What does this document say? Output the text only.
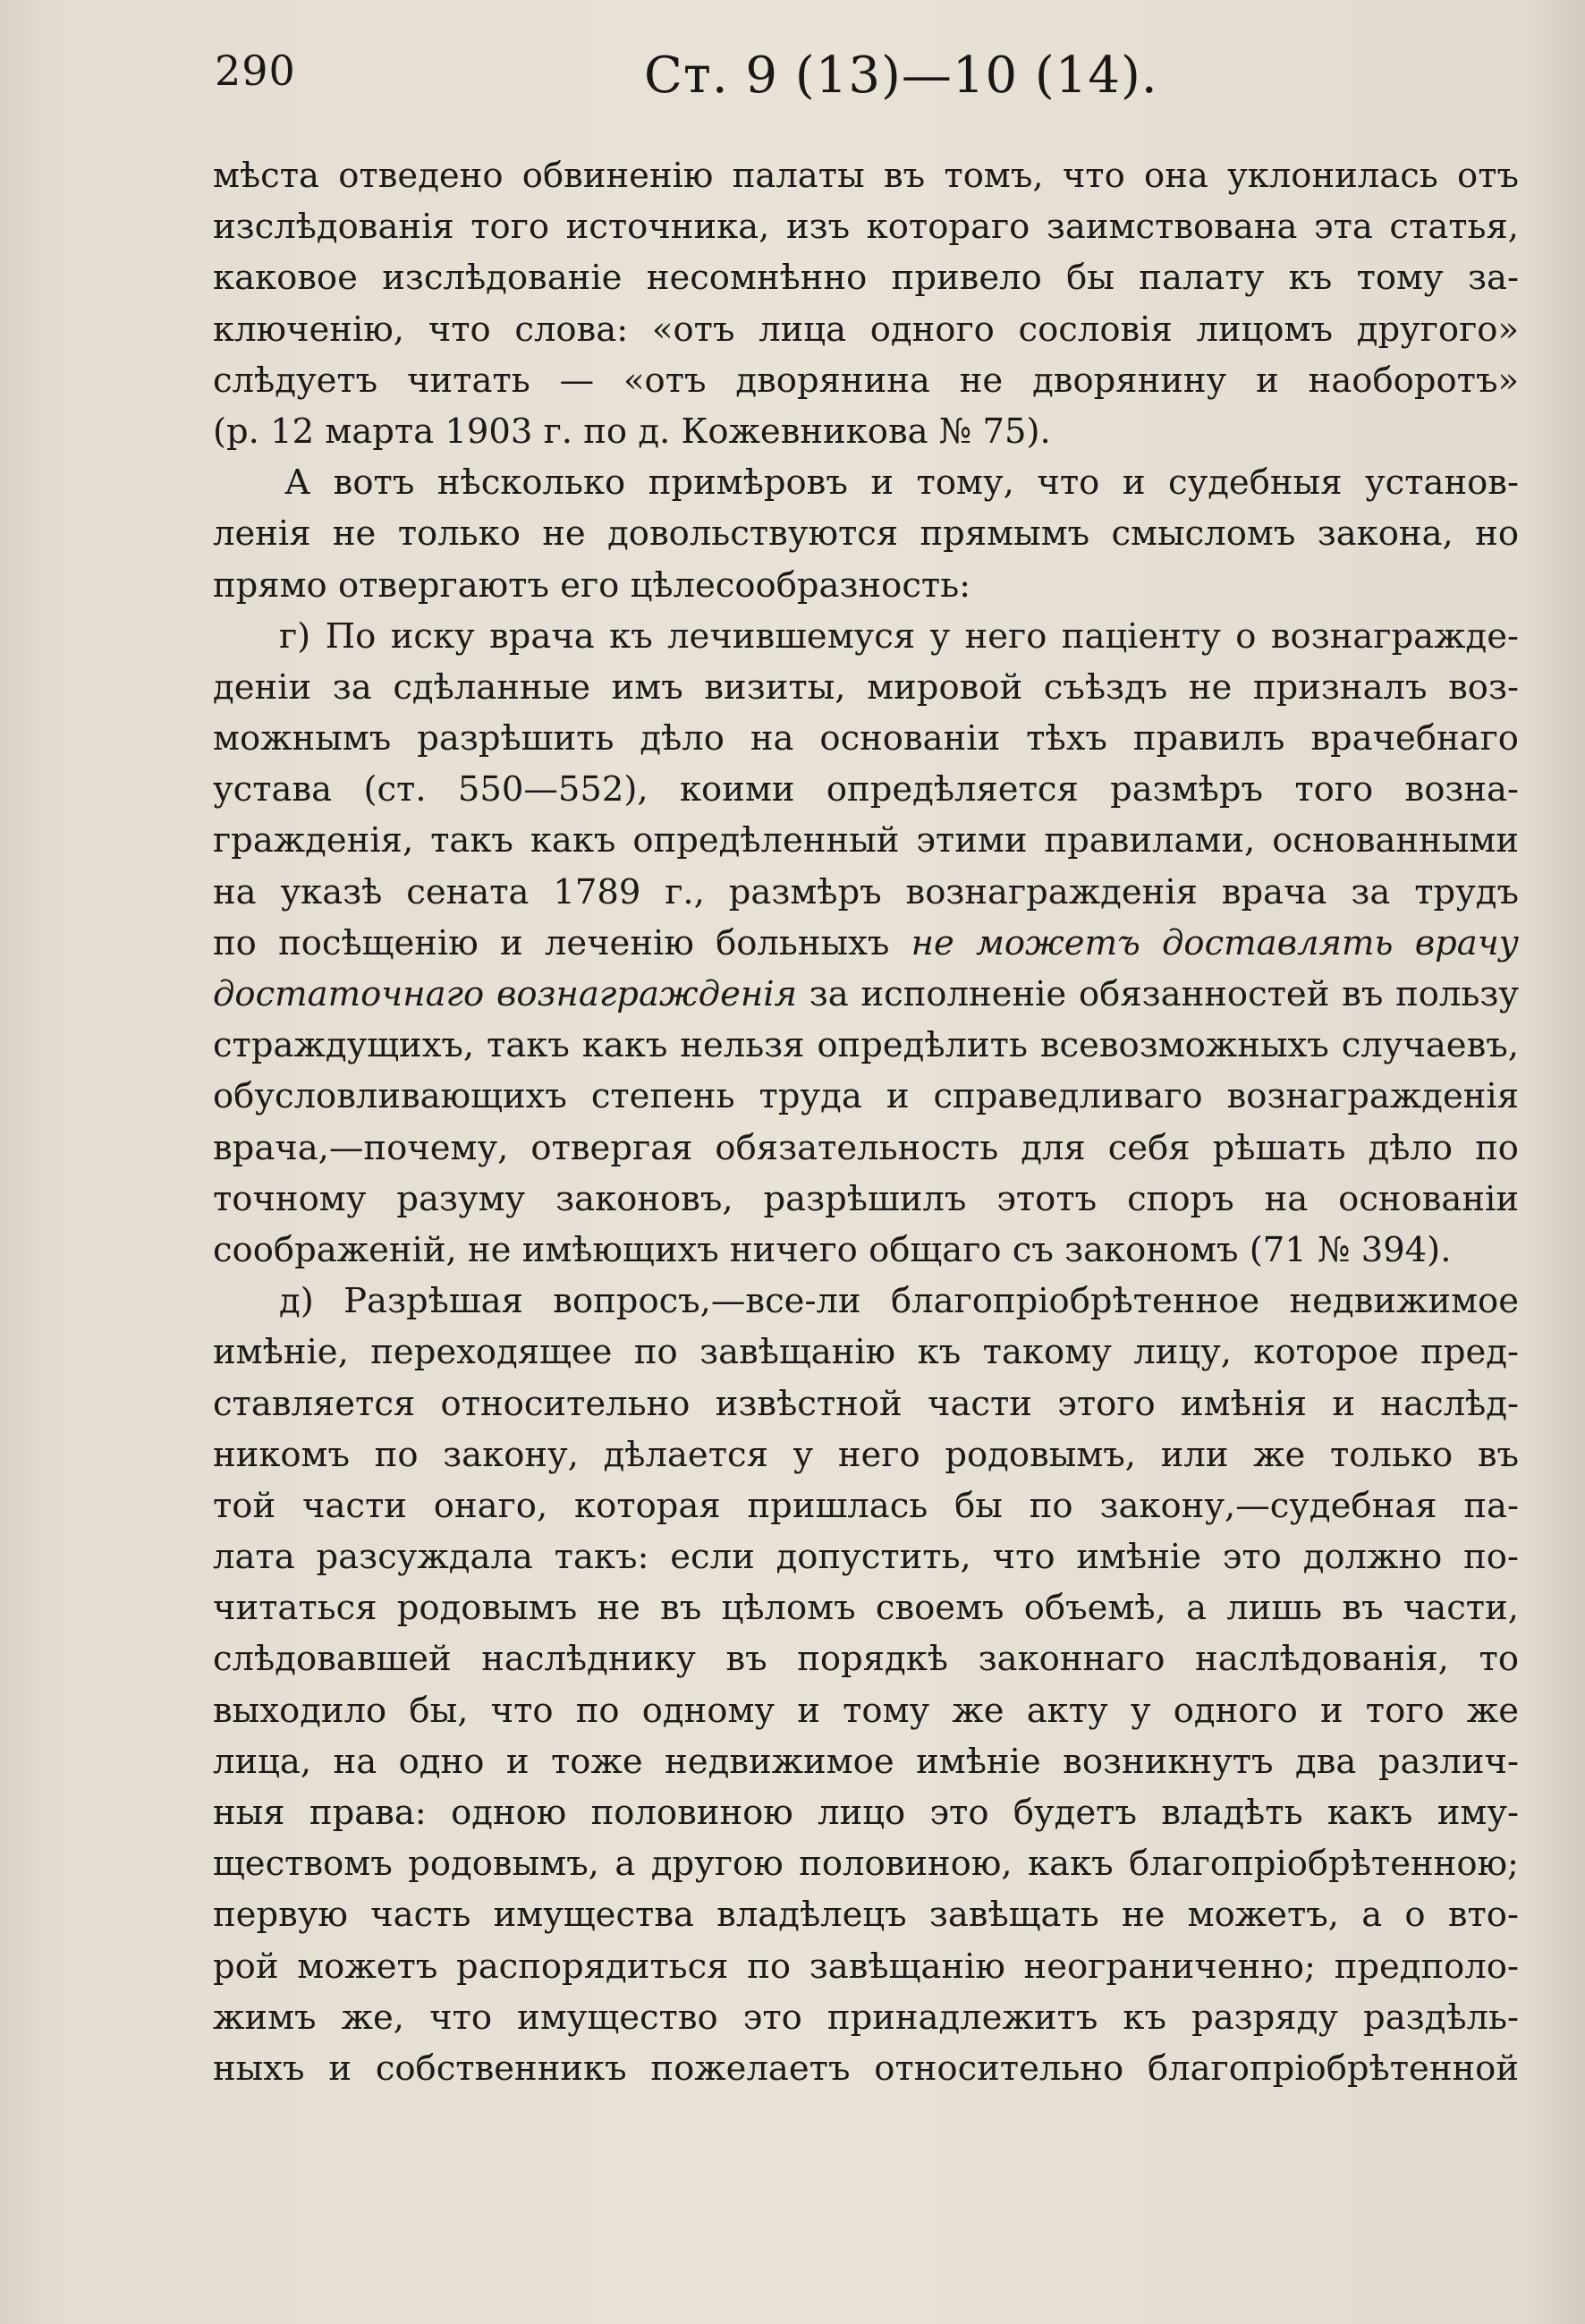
290	Ст. 9 (13)—10 (14).
мѣста отведено обвиненію палаты въ томъ, что она уклонилась отъ
изслѣдованія того источника, изъ котораго заимствована эта статья,
каковое изслѣдованіе несомнѣнно привело бы палату къ тому за-
ключенію, что слова: «отъ лица одного сословія лицомъ другого»
слѣдуетъ читать — «отъ дворянина не дворянину и наоборотъ»
(р. 12 марта 1903 г. по д. Кожевникова № 75).
А вотъ нѣсколько примѣровъ и тому, что и судебныя установ-
ленія не только не довольствуются прямымъ смысломъ закона, но
прямо отвергаютъ его цѣлесообразность:
г) По иску врача къ лечившемуся у него паціенту о вознагражде-
деніи за сдѣланные имъ визиты, мировой съѣздъ не призналъ воз-
можнымъ разрѣшить дѣло на основаніи тѣхъ правилъ врачебнаго
устава (ст. 550—552), коими опредѣляется размѣръ того возна-
гражденія, такъ какъ опредѣленный этими правилами, основанными
на указѣ сената 1789 г., размѣръ вознагражденія врача за трудъ
по посѣщенію и леченію больныхъ не можетъ доставлять врачу
достаточнаго вознагражденія за исполненіе обязанностей въ пользу
страждущихъ, такъ какъ нельзя опредѣлить всевозможныхъ случаевъ,
обусловливающихъ степень труда и справедливаго вознагражденія
врача,—почему, отвергая обязательность для себя рѣшать дѣло по
точному разуму законовъ, разрѣшилъ этотъ споръ на основаніи
соображеній, не имѣющихъ ничего общаго съ закономъ (71 № 394).
д) Разрѣшая вопросъ,—все-ли благопріобрѣтенное недвижимое
имѣніе, переходящее по завѣщанію къ такому лицу, которое пред-
ставляется относительно извѣстной части этого имѣнія и наслѣд-
никомъ по закону, дѣлается у него родовымъ, или же только въ
той части онаго, которая пришлась бы по закону,—судебная па-
лата разсуждала такъ: если допустить, что имѣніе это должно по-
читаться родовымъ не въ цѣломъ своемъ объемѣ, а лишь въ части,
слѣдовавшей наслѣднику въ порядкѣ законнаго наслѣдованія, то
выходило бы, что по одному и тому же акту у одного и того же
лица, на одно и тоже недвижимое имѣніе возникнутъ два различ-
ныя права: одною половиною лицо это будетъ владѣть какъ иму-
ществомъ родовымъ, а другою половиною, какъ благопріобрѣтенною;
первую часть имущества владѣлецъ завѣщать не можетъ, а о вто-
рой можетъ распорядиться по завѣщанію неограниченно; предполо-
жимъ же, что имущество это принадлежитъ къ разряду раздѣль-
ныхъ и собственникъ пожелаетъ относительно благопріобрѣтенной
